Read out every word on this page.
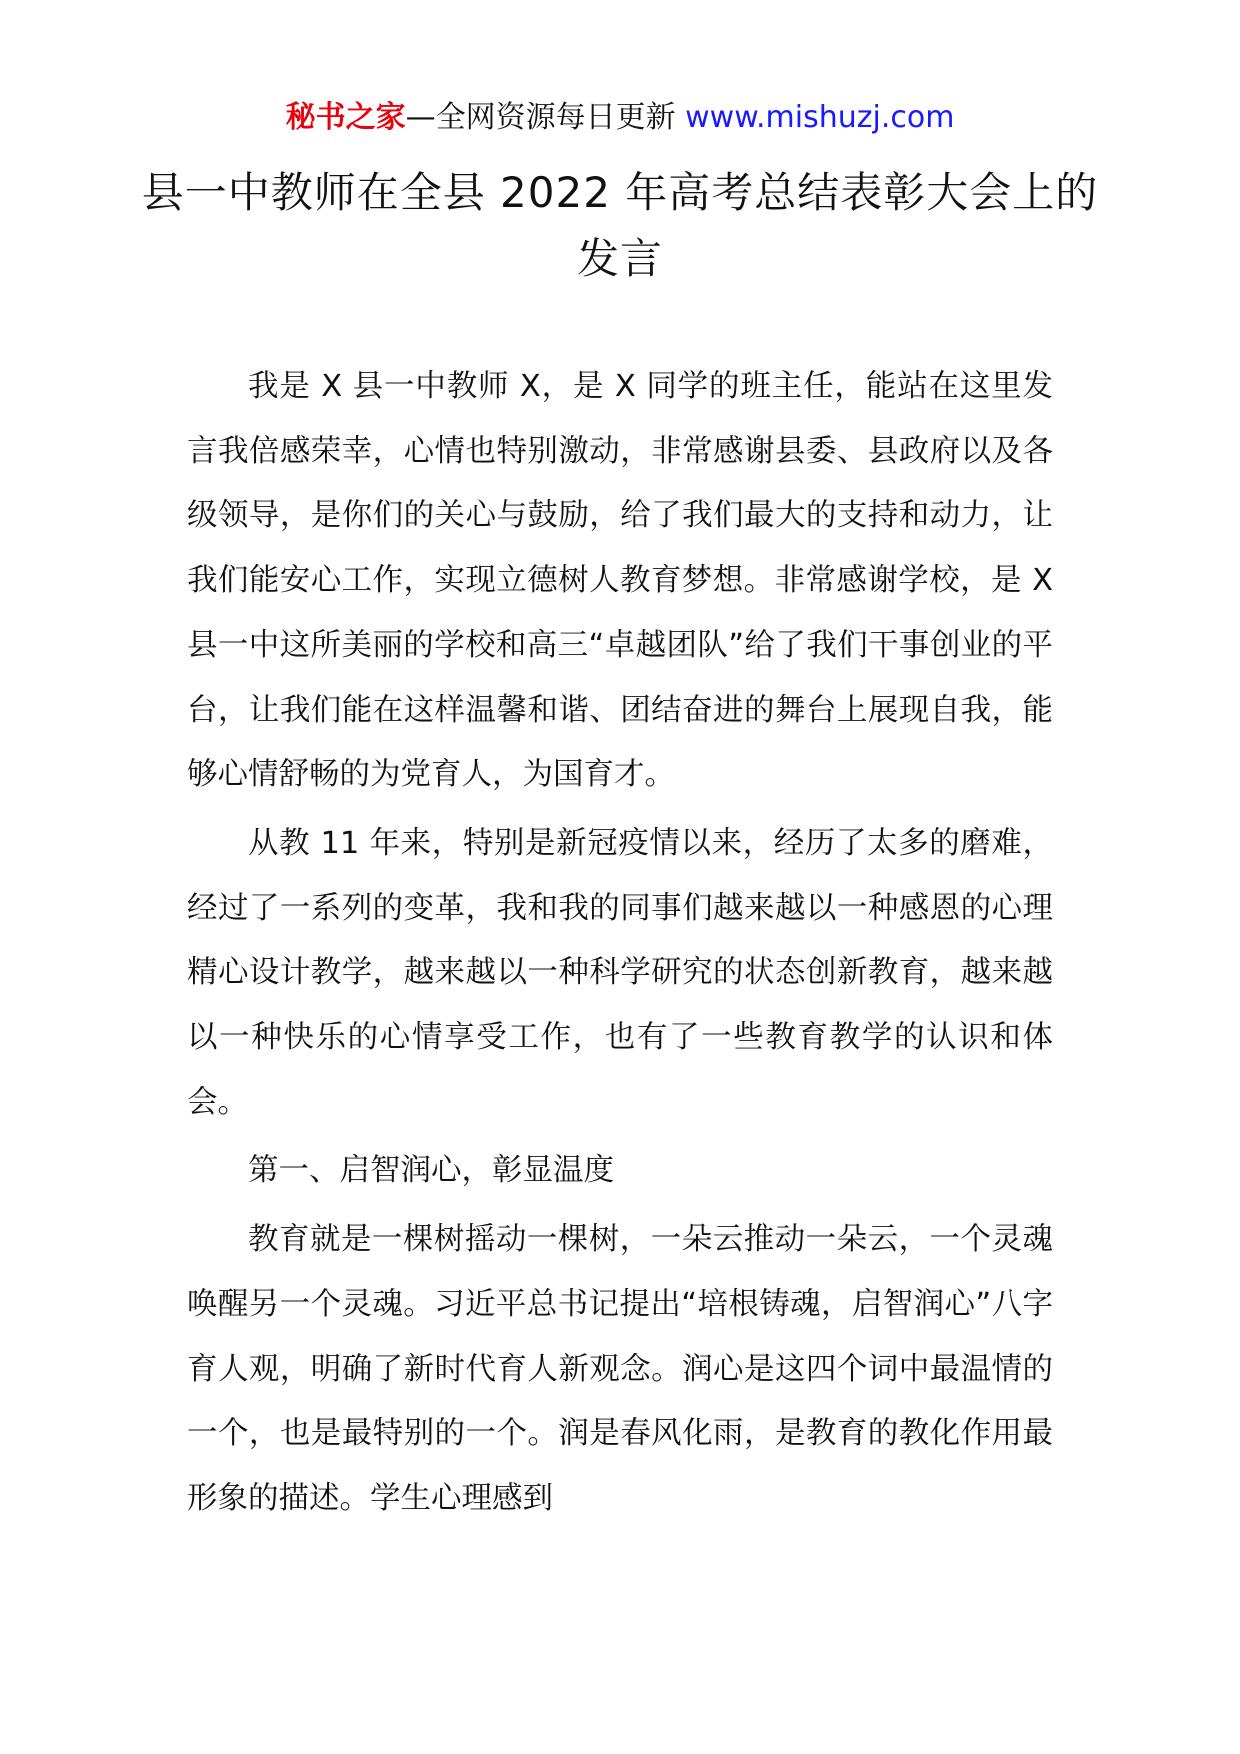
秘书之家—全网资源每日更新 www.mishuzj.com
县一中教师在全县 2022 年高考总结表彰大会上的发言

我是 X 县一中教师 X，是 X 同学的班主任，能站在这里发言我倍感荣幸，心情也特别激动，非常感谢县委、县政府以及各级领导，是你们的关心与鼓励，给了我们最大的支持和动力，让我们能安心工作，实现立德树人教育梦想。非常感谢学校，是 X 县一中这所美丽的学校和高三“卓越团队”给了我们干事创业的平台，让我们能在这样温馨和谐、团结奋进的舞台上展现自我，能够心情舒畅的为党育人，为国育才。

从教 11 年来，特别是新冠疫情以来，经历了太多的磨难，经过了一系列的变革，我和我的同事们越来越以一种感恩的心理精心设计教学，越来越以一种科学研究的状态创新教育，越来越以一种快乐的心情享受工作，也有了一些教育教学的认识和体会。

第一、启智润心，彰显温度

教育就是一棵树摇动一棵树，一朵云推动一朵云，一个灵魂唤醒另一个灵魂。习近平总书记提出“培根铸魂，启智润心”八字育人观，明确了新时代育人新观念。润心是这四个词中最温情的一个，也是最特别的一个。润是春风化雨，是教育的教化作用最形象的描述。学生心理感到
